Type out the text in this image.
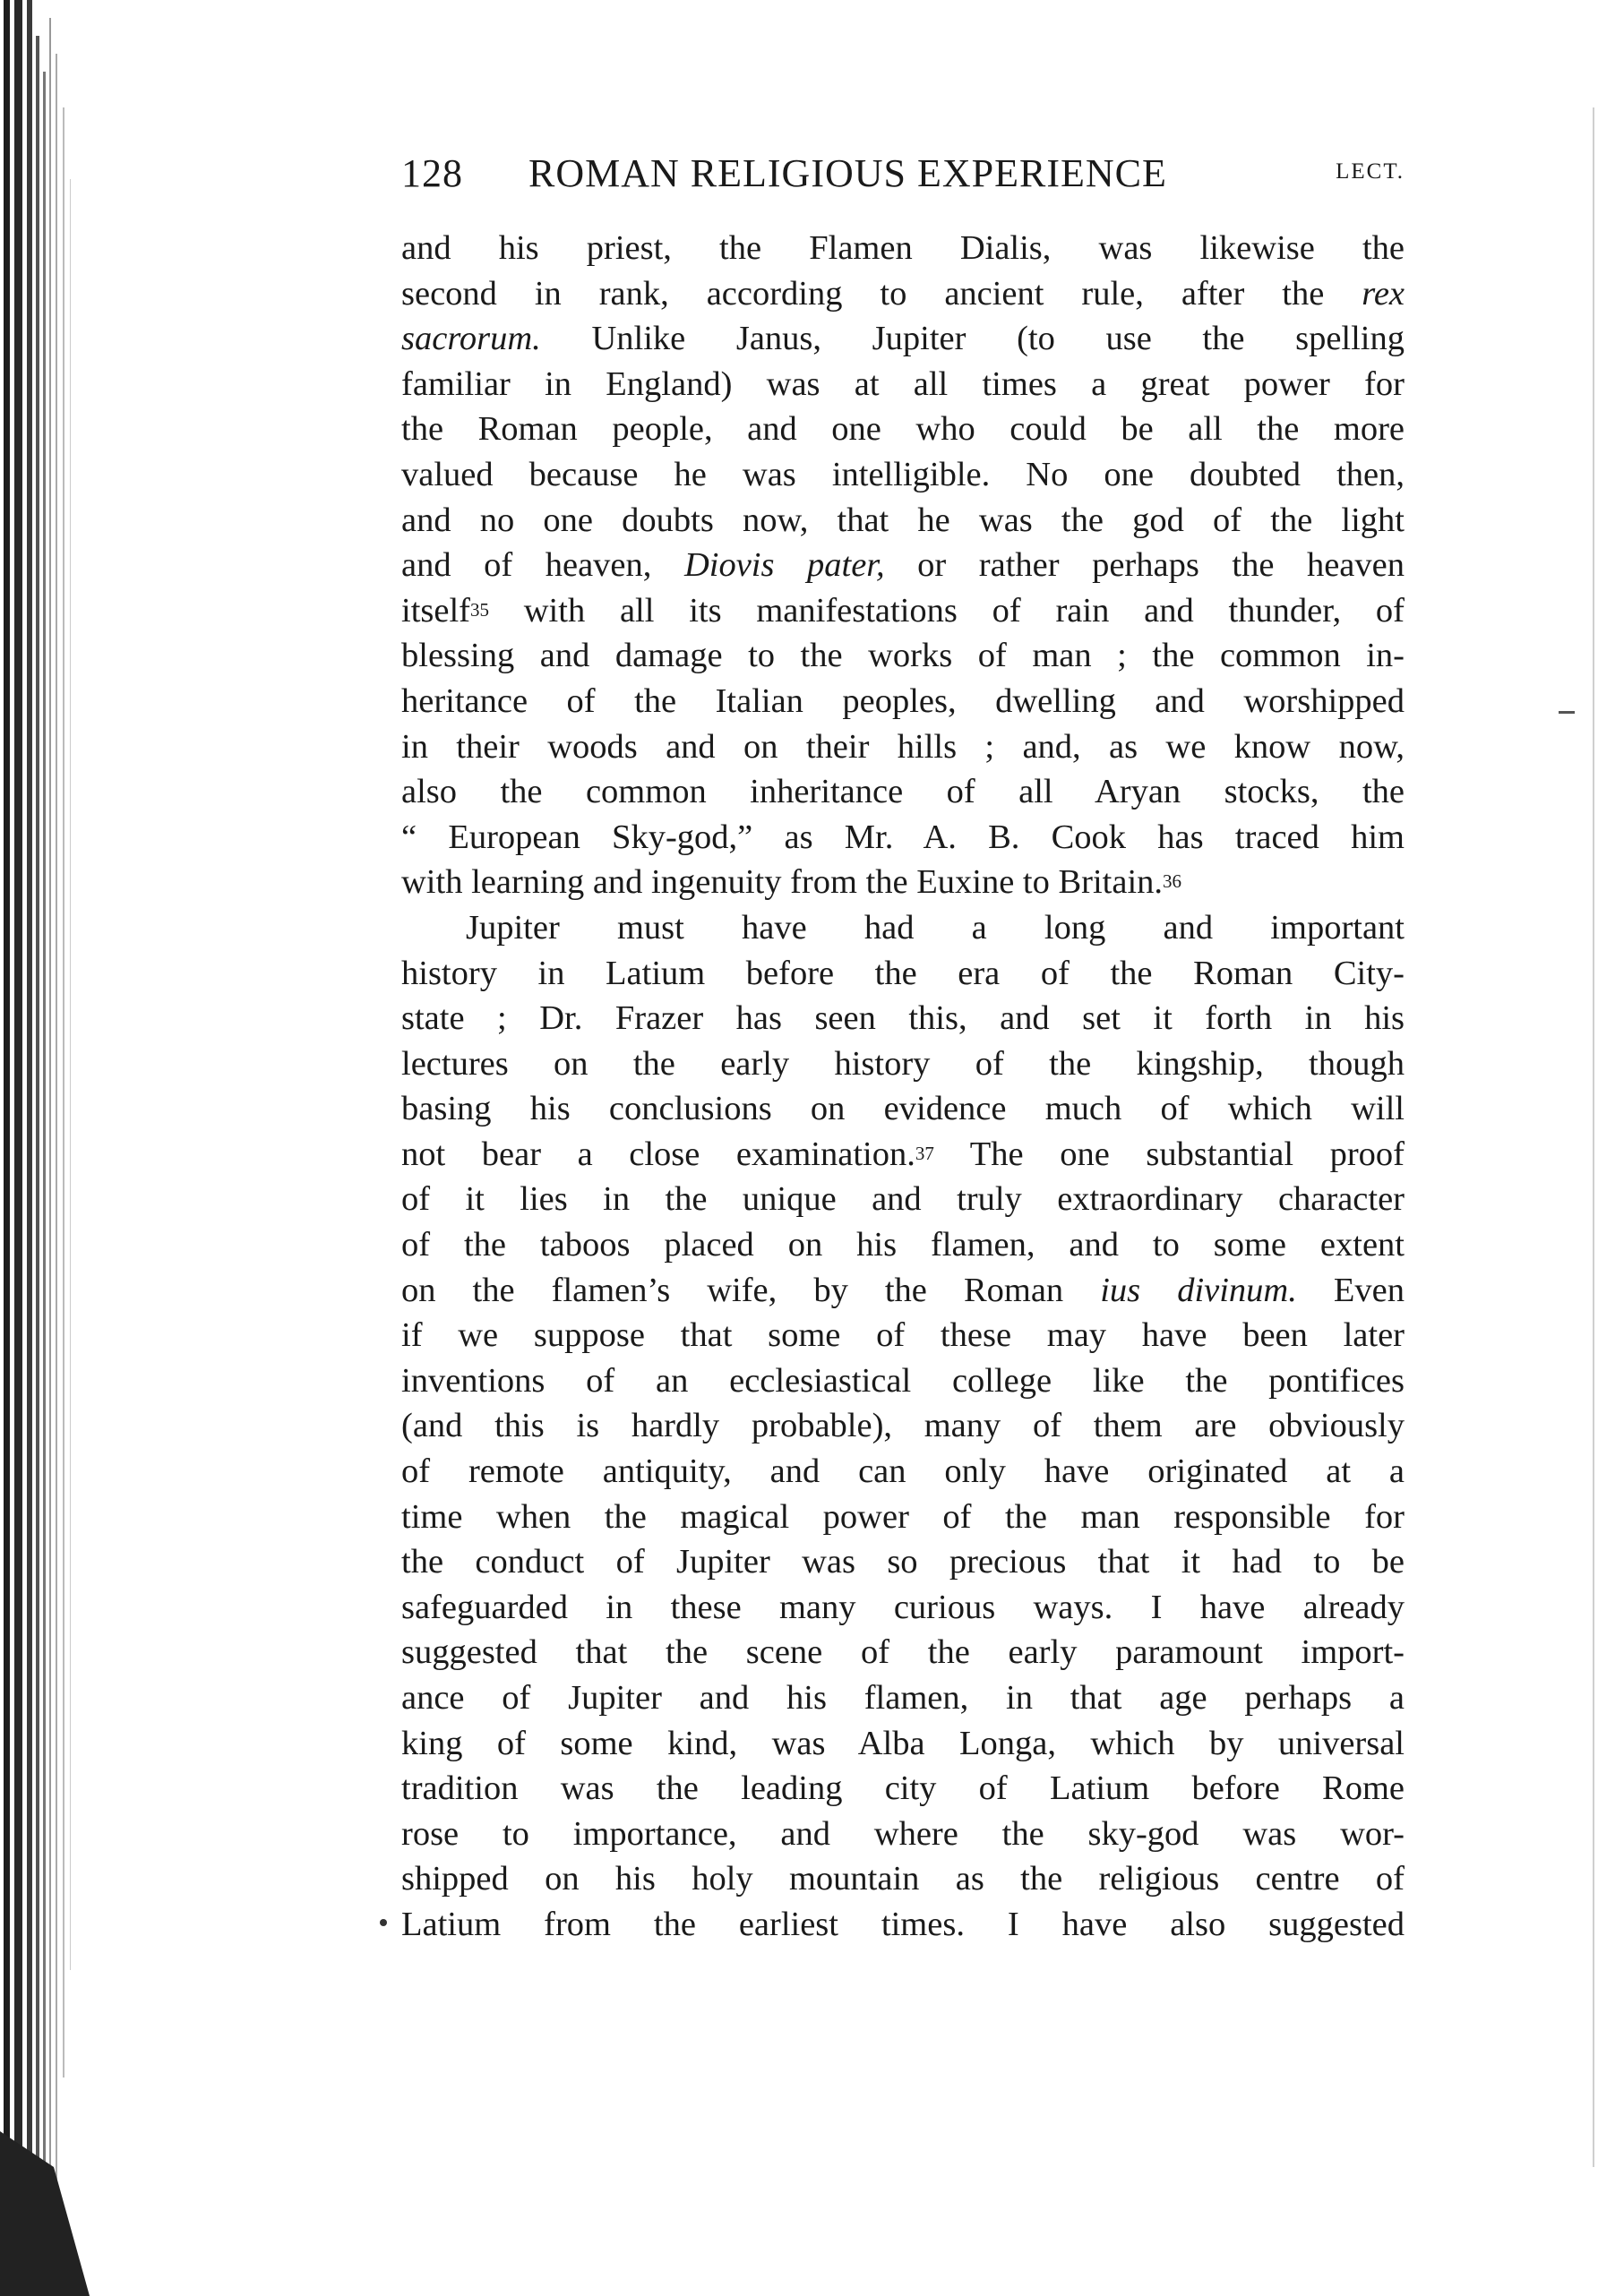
128 ROMAN RELIGIOUS EXPERIENCE	LECT.
and his priest, the Flamen Dialis, was likewise the
second in rank, according to ancient rule, after the rex
sacrorum. Unlike Janus, Jupiter (to use the spelling
familiar in England) was at all times a great power for
the Roman people, and one who could be all the more
valued because he was intelligible. No one doubted then,
and no one doubts now, that he was the god of the light
and of heaven, Diovis pater, or rather perhaps the heaven
itself$^{35}$ with all its manifestations of rain and thunder, of
blessing and damage to the works of man ; the common in-
heritance of the Italian peoples, dwelling and worshipped
in their woods and on their hills ; and, as we know now,
also the common inheritance of all Aryan stocks, the
“ European Sky-god,” as Mr. A. B. Cook has traced him
with learning and ingenuity from the Euxine to Britain.$^{36}$
Jupiter must have had a long and important
history in Latium before the era of the Roman City-
state ; Dr. Frazer has seen this, and set it forth in his
lectures on the early history of the kingship, though
basing his conclusions on evidence much of which will
not bear a close examination.$^{37}$ The one substantial proof
of it lies in the unique and truly extraordinary character
of the taboos placed on his flamen, and to some extent
on the flamen’s wife, by the Roman ius divinum. Even
if we suppose that some of these may have been later
inventions of an ecclesiastical college like the pontifices
(and this is hardly probable), many of them are obviously
of remote antiquity, and can only have originated at a
time when the magical power of the man responsible for
the conduct of Jupiter was so precious that it had to be
safeguarded in these many curious ways. I have already
suggested that the scene of the early paramount import-
ance of Jupiter and his flamen, in that age perhaps a
king of some kind, was Alba Longa, which by universal
tradition was the leading city of Latium before Rome
rose to importance, and where the sky-god was wor-
shipped on his holy mountain as the religious centre of
Latium from the earliest times. I have also suggested
